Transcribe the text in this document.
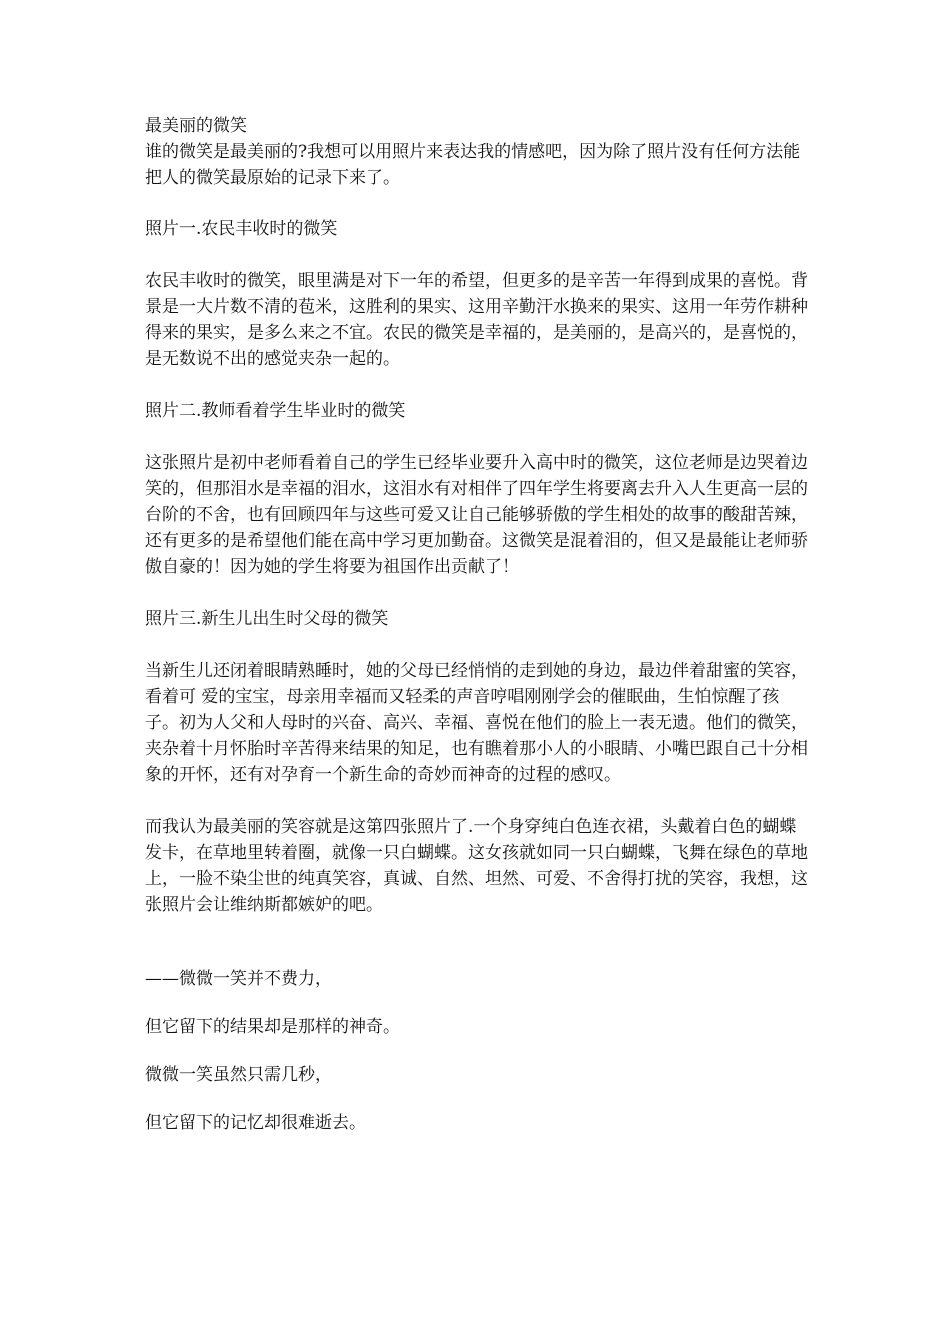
最美丽的微笑

谁的微笑是最美丽的?我想可以用照片来表达我的情感吧，因为除了照片没有任何方法能把人的微笑最原始的记录下来了。

照片一.农民丰收时的微笑

农民丰收时的微笑，眼里满是对下一年的希望，但更多的是辛苦一年得到成果的喜悦。背景是一大片数不清的苞米，这胜利的果实、这用辛勤汗水换来的果实、这用一年劳作耕种得来的果实，是多么来之不宜。农民的微笑是幸福的，是美丽的，是高兴的，是喜悦的，是无数说不出的感觉夹杂一起的。

照片二.教师看着学生毕业时的微笑

这张照片是初中老师看着自己的学生已经毕业要升入高中时的微笑，这位老师是边哭着边笑的，但那泪水是幸福的泪水，这泪水有对相伴了四年学生将要离去升入人生更高一层的台阶的不舍，也有回顾四年与这些可爱又让自己能够骄傲的学生相处的故事的酸甜苦辣，还有更多的是希望他们能在高中学习更加勤奋。这微笑是混着泪的，但又是最能让老师骄傲自豪的！因为她的学生将要为祖国作出贡献了！

照片三.新生儿出生时父母的微笑

当新生儿还闭着眼睛熟睡时，她的父母已经悄悄的走到她的身边，最边伴着甜蜜的笑容，看着可 爱的宝宝，母亲用幸福而又轻柔的声音哼唱刚刚学会的催眠曲，生怕惊醒了孩子。初为人父和人母时的兴奋、高兴、幸福、喜悦在他们的脸上一表无遗。他们的微笑，夹杂着十月怀胎时辛苦得来结果的知足，也有瞧着那小人的小眼睛、小嘴巴跟自己十分相象的开怀，还有对孕育一个新生命的奇妙而神奇的过程的感叹。

而我认为最美丽的笑容就是这第四张照片了.一个身穿纯白色连衣裙，头戴着白色的蝴蝶发卡，在草地里转着圈，就像一只白蝴蝶。这女孩就如同一只白蝴蝶，飞舞在绿色的草地上，一脸不染尘世的纯真笑容，真诚、自然、坦然、可爱、不舍得打扰的笑容，我想，这张照片会让维纳斯都嫉妒的吧。

——微微一笑并不费力，

但它留下的结果却是那样的神奇。

微微一笑虽然只需几秒，

但它留下的记忆却很难逝去。
